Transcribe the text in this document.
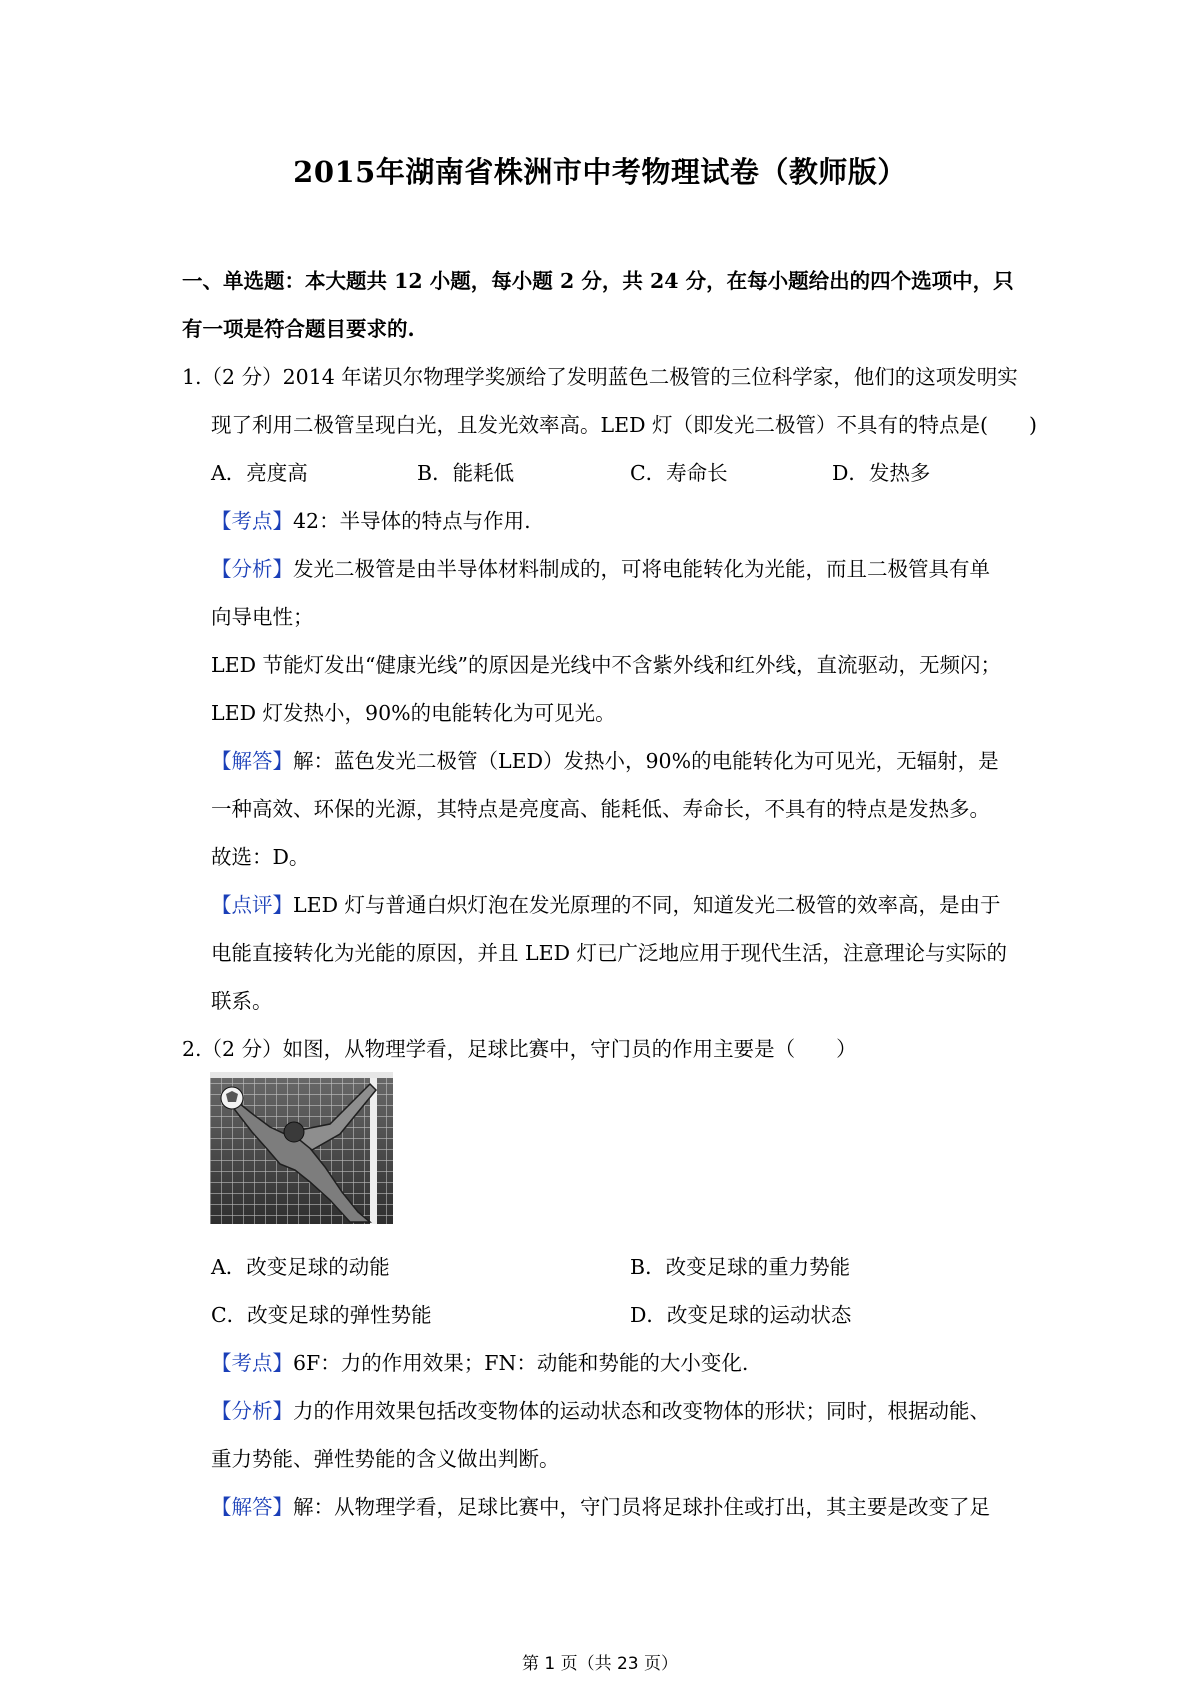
2015年湖南省株洲市中考物理试卷（教师版）
一、单选题：本大题共 12 小题，每小题 2 分，共 24 分，在每小题给出的四个选项中，只
有一项是符合题目要求的.
1.（2 分）2014 年诺贝尔物理学奖颁给了发明蓝色二极管的三位科学家，他们的这项发明实
现了利用二极管呈现白光，且发光效率高。LED 灯（即发光二极管）不具有的特点是(　　)
A．亮度高	B．能耗低	C．寿命长	D．发热多
【考点】42：半导体的特点与作用.
【分析】发光二极管是由半导体材料制成的，可将电能转化为光能，而且二极管具有单
向导电性；
LED 节能灯发出“健康光线”的原因是光线中不含紫外线和红外线，直流驱动，无频闪；
LED 灯发热小，90%的电能转化为可见光。
【解答】解：蓝色发光二极管（LED）发热小，90%的电能转化为可见光，无辐射，是
一种高效、环保的光源，其特点是亮度高、能耗低、寿命长，不具有的特点是发热多。
故选：D。
【点评】LED 灯与普通白炽灯泡在发光原理的不同，知道发光二极管的效率高，是由于
电能直接转化为光能的原因，并且 LED 灯已广泛地应用于现代生活，注意理论与实际的
联系。
2.（2 分）如图，从物理学看，足球比赛中，守门员的作用主要是（　　）
A．改变足球的动能	B．改变足球的重力势能
C．改变足球的弹性势能	D．改变足球的运动状态
【考点】6F：力的作用效果；FN：动能和势能的大小变化.
【分析】力的作用效果包括改变物体的运动状态和改变物体的形状；同时，根据动能、
重力势能、弹性势能的含义做出判断。
【解答】解：从物理学看，足球比赛中，守门员将足球扑住或打出，其主要是改变了足
第 1 页（共 23 页）
